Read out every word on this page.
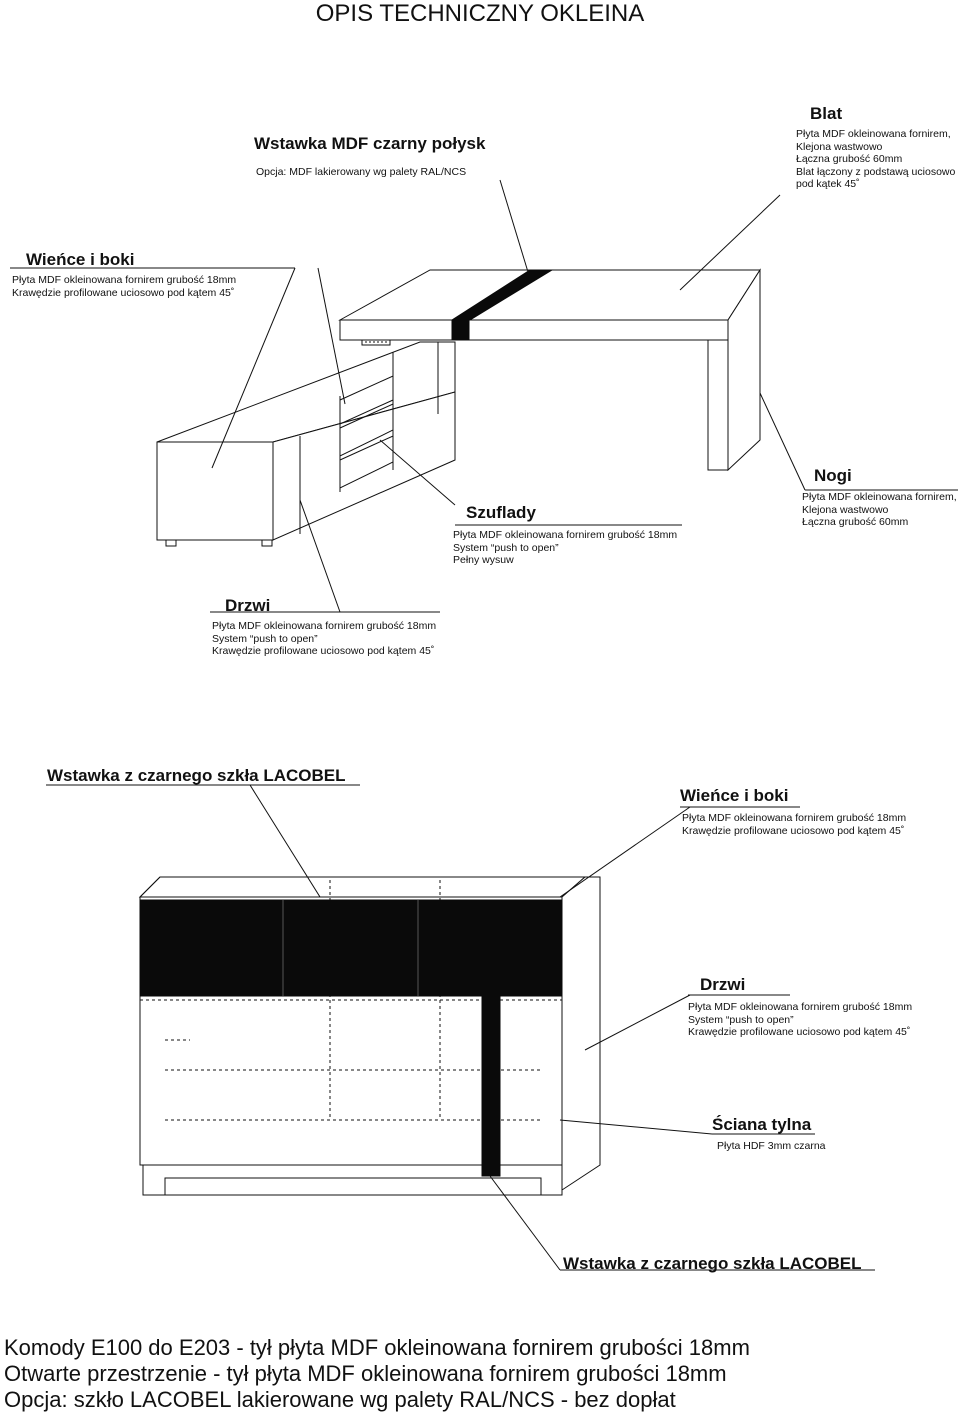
OPIS TECHNICZNY OKLEINA
Wstawka MDF czarny połysk
Opcja: MDF lakierowany wg palety RAL/NCS
Blat
Płyta MDF okleinowana fornirem,
Klejona wastwowo
Łączna grubość 60mm
Blat łączony z podstawą uciosowo
pod kątek 45˚
Wieńce i boki
Płyta MDF okleinowana fornirem grubość 18mm
Krawędzie profilowane uciosowo pod kątem 45˚
Szuflady
Płyta MDF okleinowana fornirem grubość 18mm
System “push to open”
Pełny wysuw
Nogi
Płyta MDF okleinowana fornirem,
Klejona wastwowo
Łączna grubość 60mm
Drzwi
Płyta MDF okleinowana fornirem grubość 18mm
System “push to open”
Krawędzie profilowane uciosowo pod kątem 45˚
Wstawka z czarnego szkła LACOBEL
Wieńce i boki
Płyta MDF okleinowana fornirem grubość 18mm
Krawędzie profilowane uciosowo pod kątem 45˚
Drzwi
Płyta MDF okleinowana fornirem grubość 18mm
System “push to open”
Krawędzie profilowane uciosowo pod kątem 45˚
Ściana tylna
Płyta HDF 3mm czarna
Wstawka z czarnego szkła LACOBEL
Komody E100 do E203 - tył płyta MDF okleinowana fornirem grubości 18mm
Otwarte przestrzenie - tył płyta MDF okleinowana fornirem grubości 18mm
Opcja: szkło LACOBEL lakierowane wg palety RAL/NCS - bez dopłat
